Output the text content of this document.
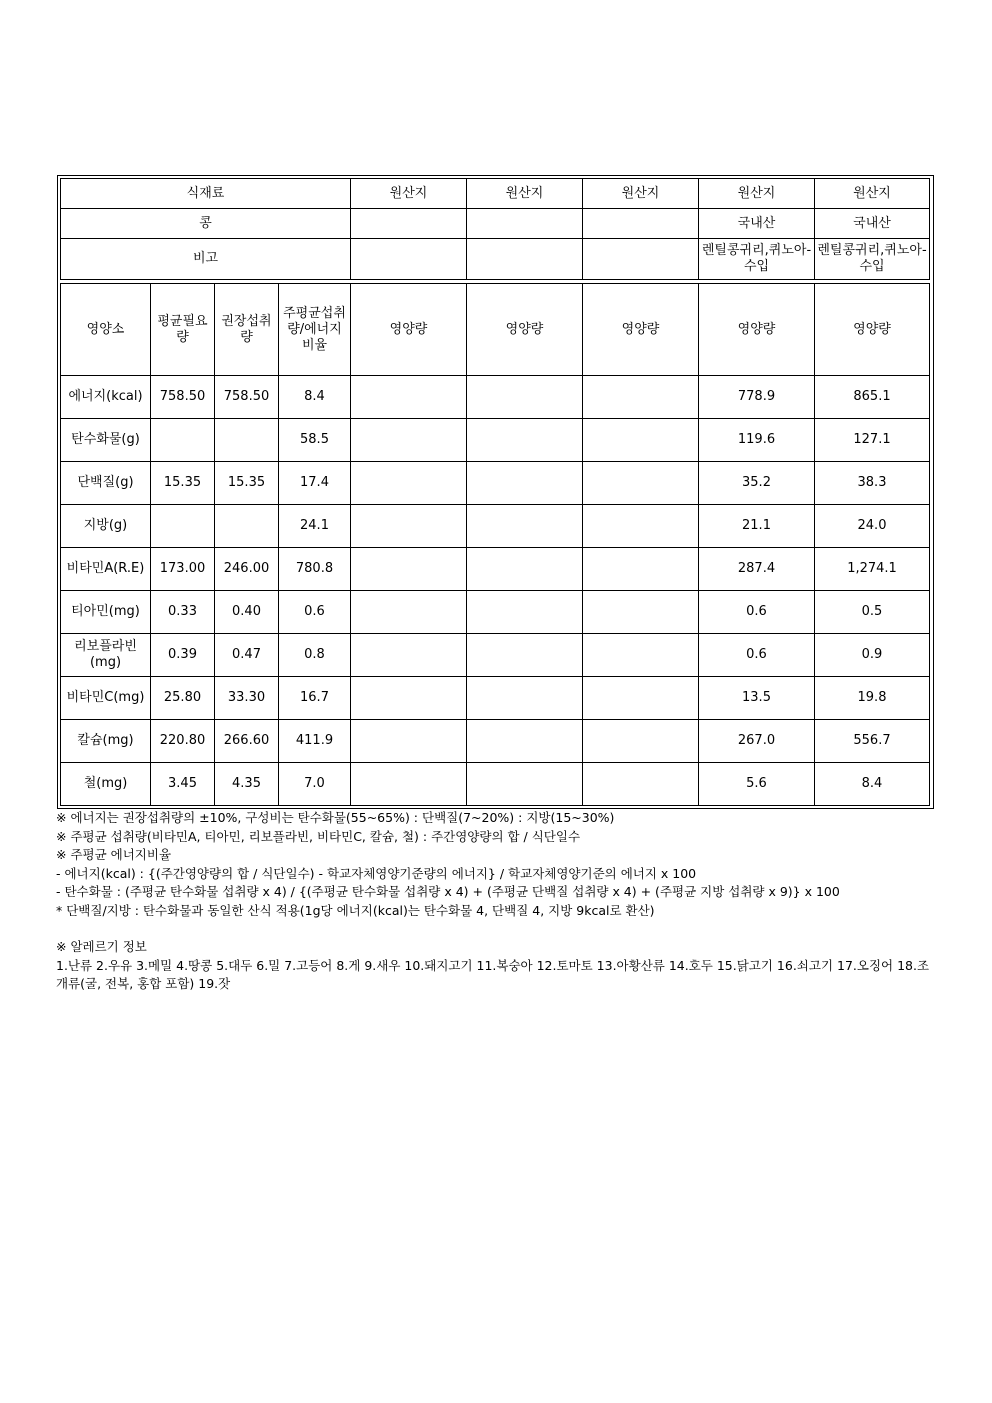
식재료				원산지	원산지	원산지	원산지	원산지
콩							국내산	국내산
비고							렌틸콩귀리,퀴노아-수입	렌틸콩귀리,퀴노아-수입

영양소	평균필요량	권장섭취량	주평균섭취량/에너지비율	영양량	영양량	영양량	영양량	영양량
에너지(kcal)	758.50	758.50	8.4				778.9	865.1
탄수화물(g)			58.5				119.6	127.1
단백질(g)	15.35	15.35	17.4				35.2	38.3
지방(g)			24.1				21.1	24.0
비타민A(R.E)	173.00	246.00	780.8				287.4	1,274.1
티아민(mg)	0.33	0.40	0.6				0.6	0.5
리보플라빈(mg)	0.39	0.47	0.8				0.6	0.9
비타민C(mg)	25.80	33.30	16.7				13.5	19.8
칼슘(mg)	220.80	266.60	411.9				267.0	556.7
철(mg)	3.45	4.35	7.0				5.6	8.4
※ 에너지는 권장섭취량의 ±10%, 구성비는 탄수화물(55~65%) : 단백질(7~20%) : 지방(15~30%)
※ 주평균 섭취량(비타민A, 티아민, 리보플라빈, 비타민C, 칼슘, 철) : 주간영양량의 합 / 식단일수
※ 주평균 에너지비율
- 에너지(kcal) : {(주간영양량의 합 / 식단일수) - 학교자체영양기준량의 에너지} / 학교자체영양기준의 에너지 x 100
- 탄수화물 : (주평균 탄수화물 섭취량 x 4) / {(주평균 탄수화물 섭취량 x 4) + (주평균 단백질 섭취량 x 4) + (주평균 지방 섭취량 x 9)} x 100
* 단백질/지방 : 탄수화물과 동일한 산식 적용(1g당 에너지(kcal)는 탄수화물 4, 단백질 4, 지방 9kcal로 환산)
※ 알레르기 정보
1.난류 2.우유 3.메밀 4.땅콩 5.대두 6.밀 7.고등어 8.게 9.새우 10.돼지고기 11.복숭아 12.토마토 13.아황산류 14.호두 15.닭고기 16.쇠고기 17.오징어 18.조개류(굴, 전복, 홍합 포함) 19.잣
